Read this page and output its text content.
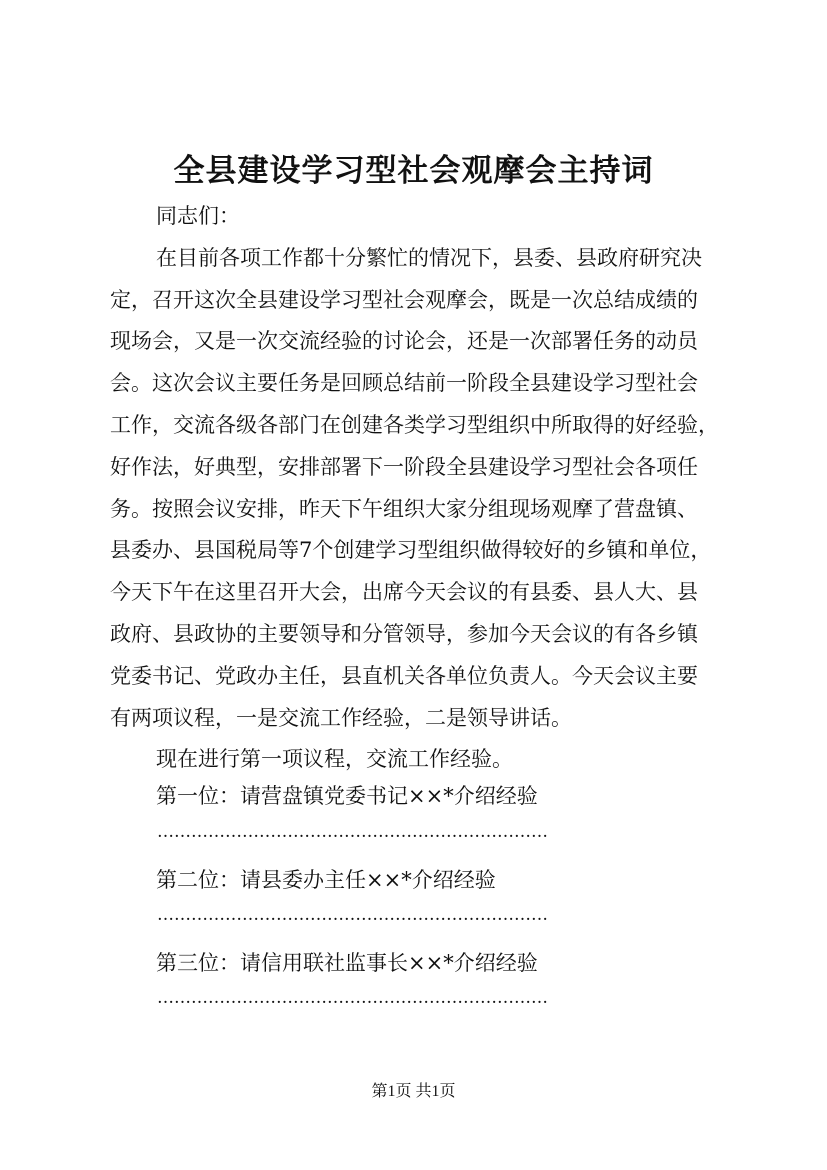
全县建设学习型社会观摩会主持词
同志们：
在目前各项工作都十分繁忙的情况下，县委、县政府研究决
定，召开这次全县建设学习型社会观摩会，既是一次总结成绩的
现场会，又是一次交流经验的讨论会，还是一次部署任务的动员
会。这次会议主要任务是回顾总结前一阶段全县建设学习型社会
工作，交流各级各部门在创建各类学习型组织中所取得的好经验，
好作法，好典型，安排部署下一阶段全县建设学习型社会各项任
务。按照会议安排，昨天下午组织大家分组现场观摩了营盘镇、
县委办、县国税局等7个创建学习型组织做得较好的乡镇和单位，
今天下午在这里召开大会，出席今天会议的有县委、县人大、县
政府、县政协的主要领导和分管领导，参加今天会议的有各乡镇
党委书记、党政办主任，县直机关各单位负责人。今天会议主要
有两项议程，一是交流工作经验，二是领导讲话。
现在进行第一项议程，交流工作经验。
第一位：请营盘镇党委书记××*介绍经验
……………………………………………………………
第二位：请县委办主任××*介绍经验
……………………………………………………………
第三位：请信用联社监事长××*介绍经验
……………………………………………………………
第1页 共1页
